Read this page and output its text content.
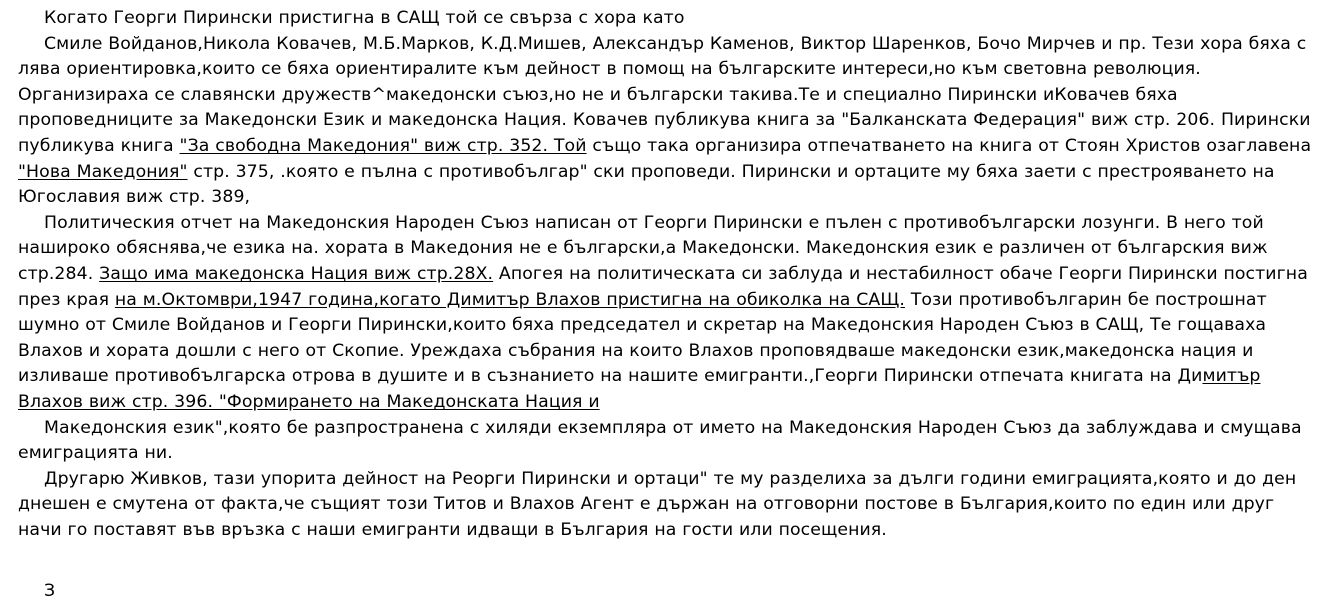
Когато Георги Пирински пристигна в САЩ той се свърза с хора като

Смиле Войданов,Никола Ковачев, М.Б.Марков, К.Д.Мишев, Александър Каменов, Виктор Шаренков, Бочо Мирчев и пр. Тези хора бяха с лява ориентировка,които се бяха ориентиралите към дейност в помощ на българските интереси,но към световна революция. Организираха се славянски дружеств^македонски съюз,но не и български такива.Те и специално Пирински иКовачев бяха проповедниците за Македонски Език и македонска Нация. Ковачев публикува книга за "Балканската Федерация" виж стр. 206. Пирински публикува книга "За свободна Македония" виж стр. 352. Той също така организира отпечатването на книга от Стоян Христов озаглавена "Нова Македония" стр. 375, .която е пълна с противобългар" ски проповеди. Пирински и ортаците му бяха заети с престрояването на Югославия виж стр. 389,

Политическия отчет на Македонския Народен Съюз написан от Георги Пирински е пълен с противобългарски лозунги. В него той нашироко обяснява,че езика на. хората в Македония не е български,а Македонски. Македонския език е различен от българския виж стр.284. Защо има македонска Нация виж стр.28Х. Апогея на политическата си заблуда и нестабилност обаче Георги Пирински постигна през края на м.Октомври,1947 година,когато Димитър Влахов пристигна на обиколка на САЩ. Този противобългарин бе построшнат шумно от Смиле Войданов и Георги Пирински,които бяха председател и скретар на Македонския Народен Съюз в САЩ, Те гощаваха Влахов и хората дошли с него от Скопие. Уреждаха събрания на които Влахов проповядваше македонски език,македонска нация и изливаше противобългарска отрова в душите и в съзнанието на нашите емигранти.,Георги Пирински отпечата книгата на Димитър Влахов виж стр. 396. "Формирането на Македонската Нация и

Македонския език",която бе разпространена с хиляди екземпляра от името на Македонския Народен Съюз да заблуждава и смущава емиграцията ни.

Другарю Живков, тази упорита дейност на Реорги Пирински и ортаци" те му разделиха за дълги години емиграцията,която и до ден днешен е смутена от факта,че същият този Титов и Влахов Агент е държан на отговорни постове в България,които по един или друг начи го поставят във връзка с наши емигранти идващи в България на гости или посещения.

З
